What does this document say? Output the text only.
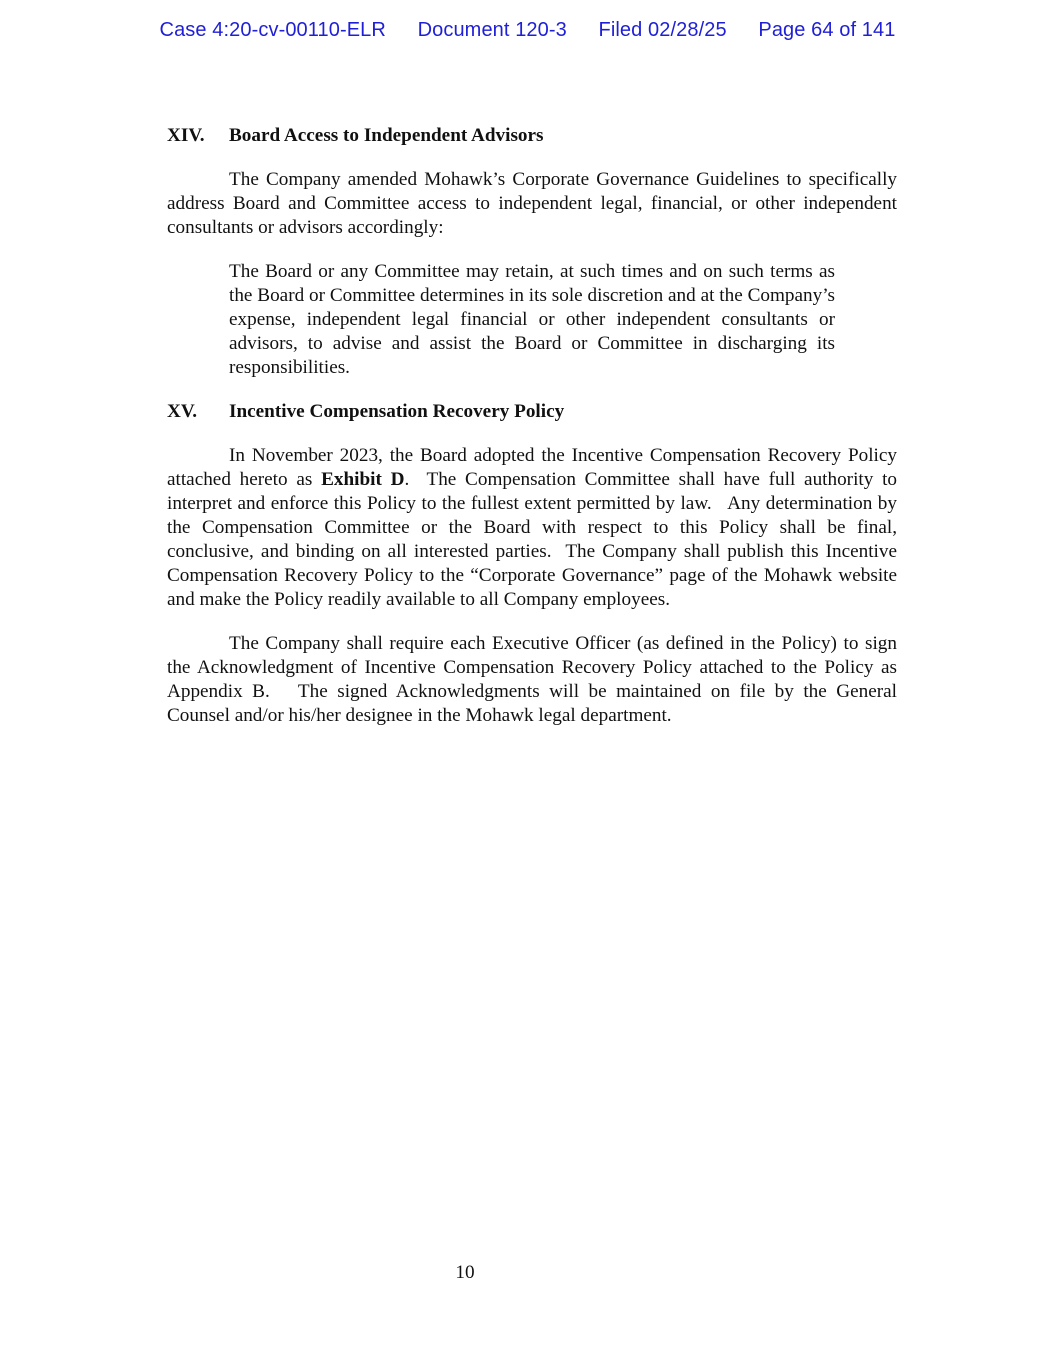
Case 4:20-cv-00110-ELR Document 120-3 Filed 02/28/25 Page 64 of 141

XIV. Board Access to Independent Advisors

The Company amended Mohawk’s Corporate Governance Guidelines to specifically address Board and Committee access to independent legal, financial, or other independent consultants or advisors accordingly:

The Board or any Committee may retain, at such times and on such terms as the Board or Committee determines in its sole discretion and at the Company’s expense, independent legal financial or other independent consultants or advisors, to advise and assist the Board or Committee in discharging its responsibilities.

XV. Incentive Compensation Recovery Policy

In November 2023, the Board adopted the Incentive Compensation Recovery Policy attached hereto as Exhibit D.  The Compensation Committee shall have full authority to interpret and enforce this Policy to the fullest extent permitted by law.   Any determination by the Compensation Committee or the Board with respect to this Policy shall be final, conclusive, and binding on all interested parties.  The Company shall publish this Incentive Compensation Recovery Policy to the “Corporate Governance” page of the Mohawk website and make the Policy readily available to all Company employees.

The Company shall require each Executive Officer (as defined in the Policy) to sign the Acknowledgment of Incentive Compensation Recovery Policy attached to the Policy as Appendix B.   The signed Acknowledgments will be maintained on file by the General Counsel and/or his/her designee in the Mohawk legal department.

10
